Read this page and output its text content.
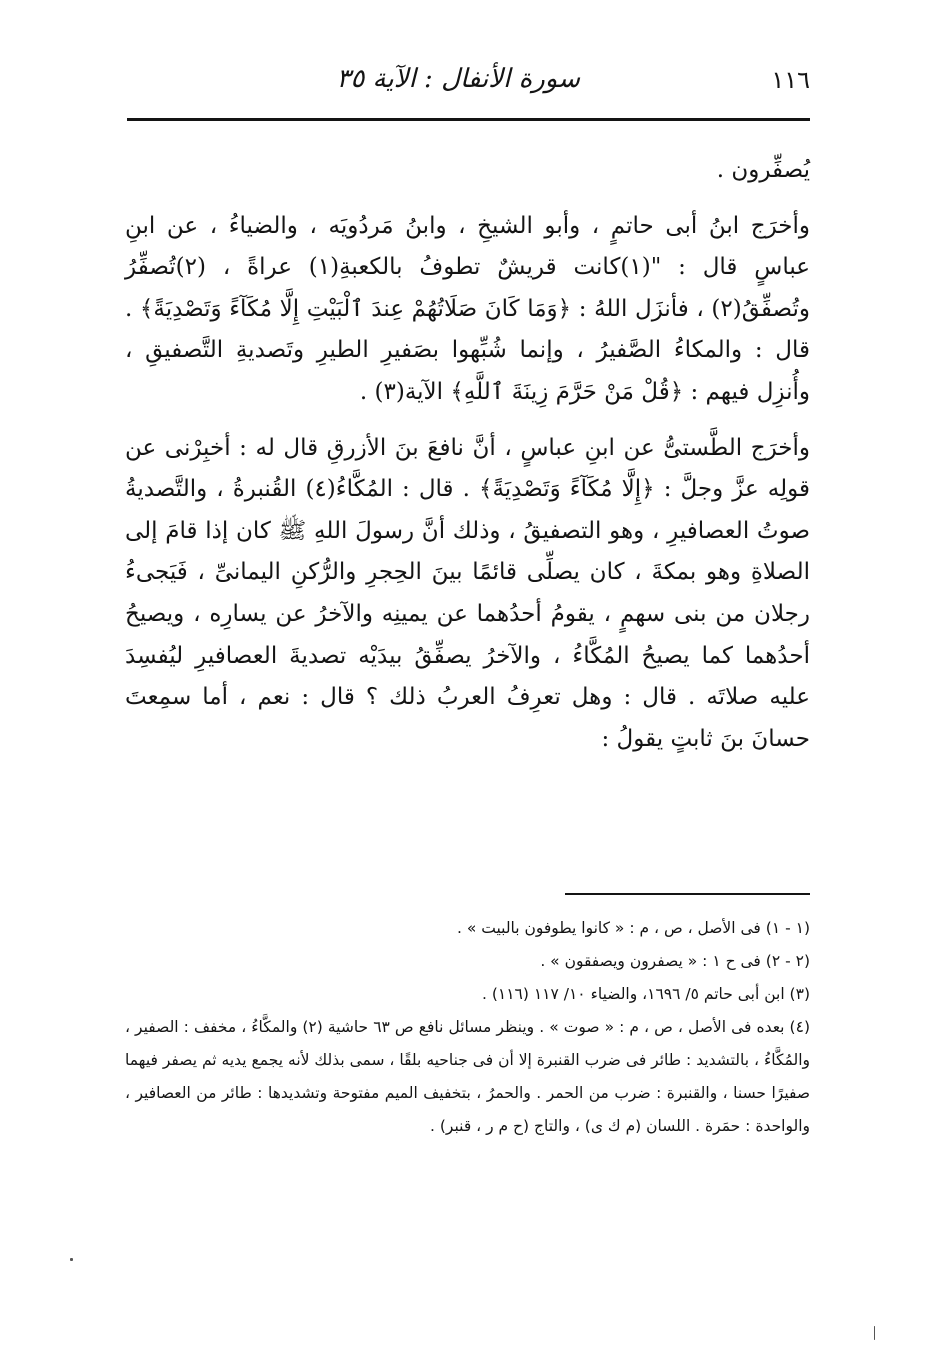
١١٦
سورة الأنفال : الآية ٣٥

يُصفِّرون .

وأخرَج ابنُ أبى حاتمٍ ، وأبو الشيخِ ، وابنُ مَردُويَه ، والضياءُ ، عن ابنِ عباسٍ قال : "(١)كانت قريشٌ تطوفُ بالكعبةِ(١) عراةً ، (٢)تُصفِّرُ وتُصفِّقُ(٢) ، فأنزَل اللهُ : ﴿وَمَا كَانَ صَلَاتُهُمْ عِندَ ٱلْبَيْتِ إِلَّا مُكَآءً وَتَصْدِيَةً﴾ . قال : والمكاءُ الصَّفيرُ ، وإنما شُبِّهوا بصَفيرِ الطيرِ وتَصديةِ التَّصفيقِ ، وأُنزِل فيهم : ﴿قُلْ مَنْ حَرَّمَ زِينَةَ ٱللَّهِ﴾ الآية(٣) .

وأخرَج الطَّستىُّ عن ابنِ عباسٍ ، أنَّ نافعَ بنَ الأزرقِ قال له : أخبِرْنى عن قولِه عزَّ وجلَّ : ﴿إِلَّا مُكَآءً وَتَصْدِيَةً﴾ . قال : المُكَّاءُ(٤) القُنبرةُ ، والتَّصديةُ صوتُ العصافيرِ ، وهو التصفيقُ ، وذلك أنَّ رسولَ اللهِ ﷺ كان إذا قامَ إلى الصلاةِ وهو بمكةَ ، كان يصلِّى قائمًا بينَ الحِجرِ والرُّكنِ اليمانىِّ ، فَيَجىءُ رجلان من بنى سهمٍ ، يقومُ أحدُهما عن يمينِه والآخرُ عن يسارِه ، ويصيحُ أحدُهما كما يصيحُ المُكَّاءُ ، والآخرُ يصفِّقُ بيدَيْه تصديةَ العصافيرِ ليُفسِدَ عليه صلاتَه . قال : وهل تعرِفُ العربُ ذلك ؟ قال : نعم ، أما سمِعتَ حسانَ بنَ ثابتٍ يقولُ :

(١ - ١) فى الأصل ، ص ، م : « كانوا يطوفون بالبيت » .

(٢ - ٢) فى ح ١ : « يصفرون ويصفقون » .

(٣) ابن أبى حاتم ٥/ ١٦٩٦، والضياء ١٠/ ١١٧ (١١٦) .

(٤) بعده فى الأصل ، ص ، م : « صوت » . وينظر مسائل نافع ص ٦٣ حاشية (٢) والمكَّاءُ ، مخفف : الصفير ، والمُكَّاءُ ، بالتشديد : طائر فى ضرب القنبرة إلا أن فى جناحيه بلقًا ، سمى بذلك لأنه يجمع يديه ثم يصفر فيهما صفيرًا حسنا ، والقنبرة : ضرب من الحمر . والحمرُ ، بتخفيف الميم مفتوحة وتشديدها : طائر من العصافير ، والواحدة : حمَرة . اللسان (م ك ى) ، والتاج (ح م ر ، قنبر) .
